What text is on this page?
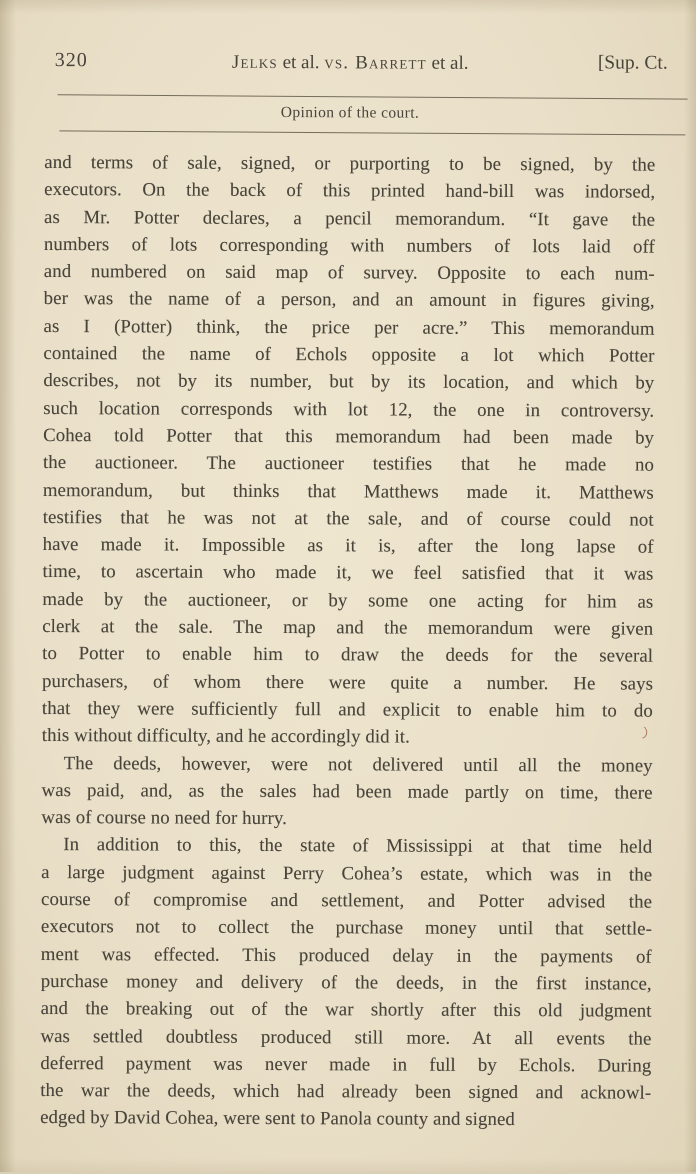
320	Jelks et al. vs. Barrett et al.	[Sup. Ct.
Opinion of the court.
and terms of sale, signed, or purporting to be signed, by the
executors. On the back of this printed hand-bill was indorsed,
as Mr. Potter declares, a pencil memorandum. “It gave the
numbers of lots corresponding with numbers of lots laid off
and numbered on said map of survey. Opposite to each num-
ber was the name of a person, and an amount in figures giving,
as I (Potter) think, the price per acre.” This memorandum
contained the name of Echols opposite a lot which Potter
describes, not by its number, but by its location, and which by
such location corresponds with lot 12, the one in controversy.
Cohea told Potter that this memorandum had been made by
the auctioneer. The auctioneer testifies that he made no
memorandum, but thinks that Matthews made it. Matthews
testifies that he was not at the sale, and of course could not
have made it. Impossible as it is, after the long lapse of
time, to ascertain who made it, we feel satisfied that it was
made by the auctioneer, or by some one acting for him as
clerk at the sale. The map and the memorandum were given
to Potter to enable him to draw the deeds for the several
purchasers, of whom there were quite a number. He says
that they were sufficiently full and explicit to enable him to do
this without difficulty, and he accordingly did it.
The deeds, however, were not delivered until all the money
was paid, and, as the sales had been made partly on time, there
was of course no need for hurry.
In addition to this, the state of Mississippi at that time held
a large judgment against Perry Cohea’s estate, which was in the
course of compromise and settlement, and Potter advised the
executors not to collect the purchase money until that settle-
ment was effected. This produced delay in the payments of
purchase money and delivery of the deeds, in the first instance,
and the breaking out of the war shortly after this old judgment
was settled doubtless produced still more. At all events the
deferred payment was never made in full by Echols. During
the war the deeds, which had already been signed and acknowl-
edged by David Cohea, were sent to Panola county and signed
